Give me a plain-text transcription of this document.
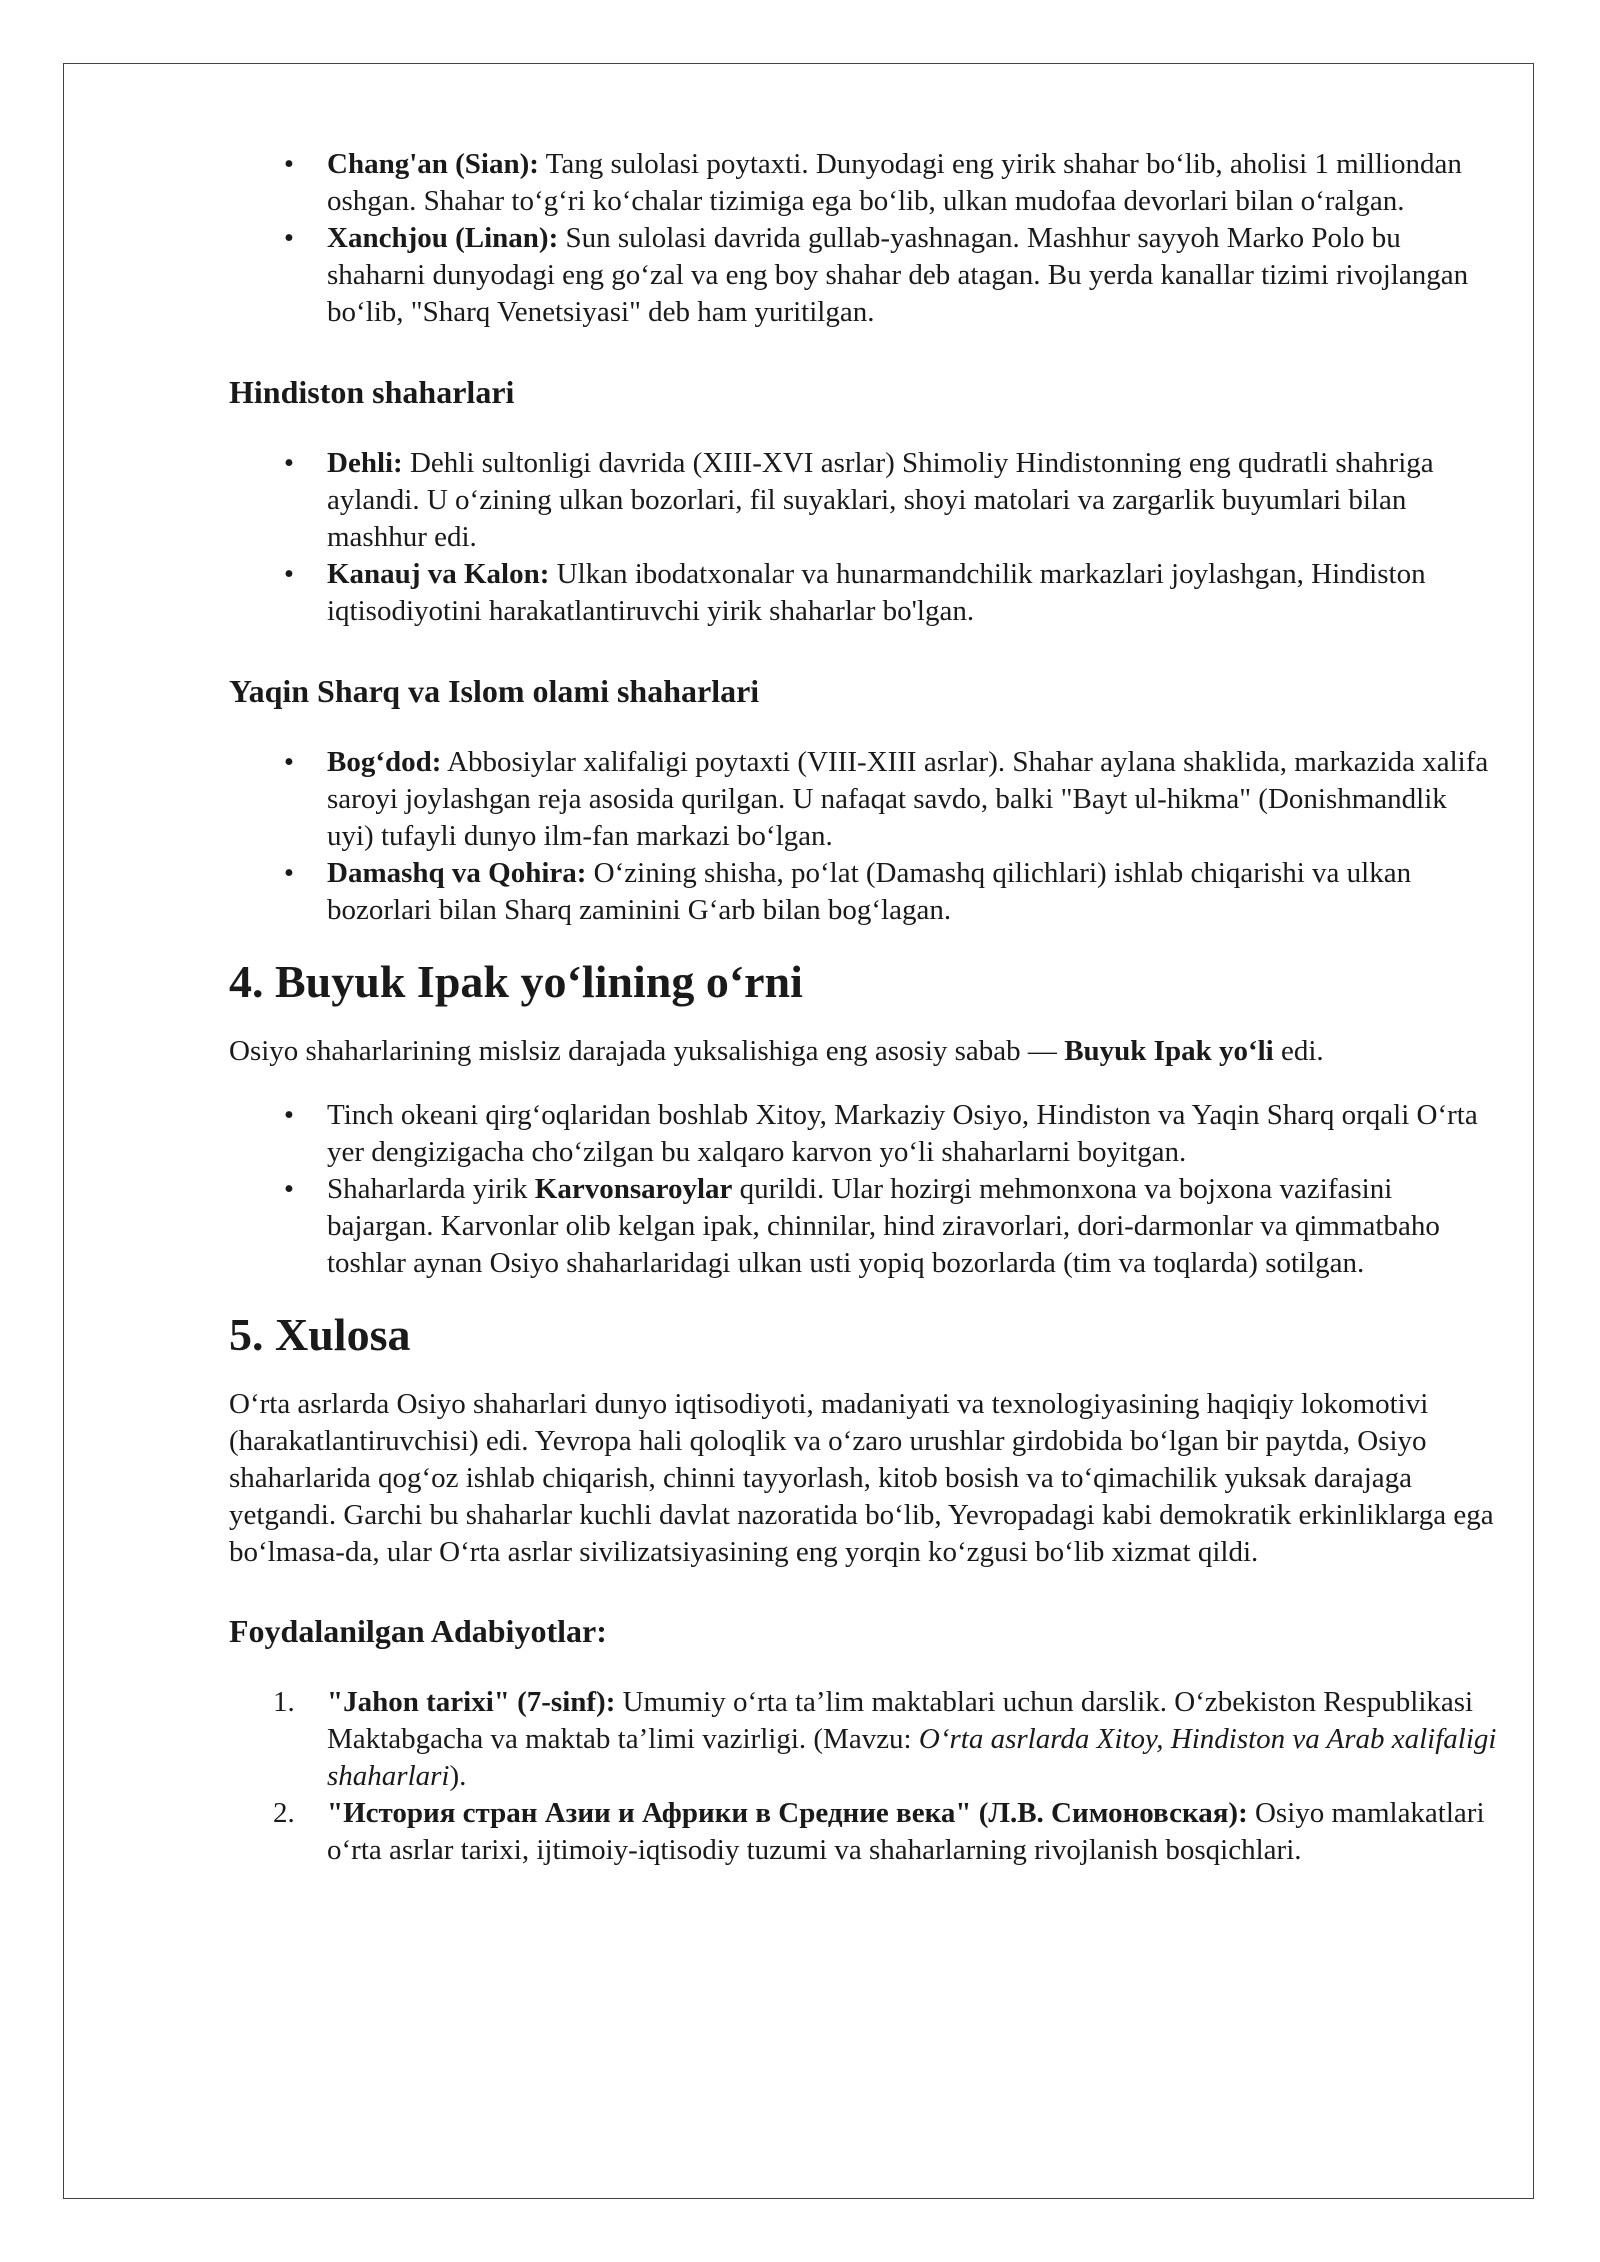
• Chang'an (Sian): Tang sulolasi poytaxti. Dunyodagi eng yirik shahar bo‘lib, aholisi 1 milliondan oshgan. Shahar to‘g‘ri ko‘chalar tizimiga ega bo‘lib, ulkan mudofaa devorlari bilan o‘ralgan.
• Xanchjou (Linan): Sun sulolasi davrida gullab-yashnagan. Mashhur sayyoh Marko Polo bu shaharni dunyodagi eng go‘zal va eng boy shahar deb atagan. Bu yerda kanallar tizimi rivojlangan bo‘lib, "Sharq Venetsiyasi" deb ham yuritilgan.
Hindiston shaharlari
• Dehli: Dehli sultonligi davrida (XIII-XVI asrlar) Shimoliy Hindistonning eng qudratli shahriga aylandi. U o‘zining ulkan bozorlari, fil suyaklari, shoyi matolari va zargarlik buyumlari bilan mashhur edi.
• Kanauj va Kalon: Ulkan ibodatxonalar va hunarmandchilik markazlari joylashgan, Hindiston iqtisodiyotini harakatlantiruvchi yirik shaharlar bo'lgan.
Yaqin Sharq va Islom olami shaharlari
• Bog‘dod: Abbosiylar xalifaligi poytaxti (VIII-XIII asrlar). Shahar aylana shaklida, markazida xalifa saroyi joylashgan reja asosida qurilgan. U nafaqat savdo, balki "Bayt ul-hikma" (Donishmandlik uyi) tufayli dunyo ilm-fan markazi bo‘lgan.
• Damashq va Qohira: O‘zining shisha, po‘lat (Damashq qilichlari) ishlab chiqarishi va ulkan bozorlari bilan Sharq zaminini G‘arb bilan bog‘lagan.
4. Buyuk Ipak yo‘lining o‘rni

Osiyo shaharlarining mislsiz darajada yuksalishiga eng asosiy sabab — Buyuk Ipak yo‘li edi.

• Tinch okeani qirg‘oqlaridan boshlab Xitoy, Markaziy Osiyo, Hindiston va Yaqin Sharq orqali O‘rta yer dengizigacha cho‘zilgan bu xalqaro karvon yo‘li shaharlarni boyitgan.
• Shaharlarda yirik Karvonsaroylar qurildi. Ular hozirgi mehmonxona va bojxona vazifasini bajargan. Karvonlar olib kelgan ipak, chinnilar, hind ziravorlari, dori-darmonlar va qimmatbaho toshlar aynan Osiyo shaharlaridagi ulkan usti yopiq bozorlarda (tim va toqlarda) sotilgan.
5. Xulosa

O‘rta asrlarda Osiyo shaharlari dunyo iqtisodiyoti, madaniyati va texnologiyasining haqiqiy lokomotivi (harakatlantiruvchisi) edi. Yevropa hali qoloqlik va o‘zaro urushlar girdobida bo‘lgan bir paytda, Osiyo shaharlarida qog‘oz ishlab chiqarish, chinni tayyorlash, kitob bosish va to‘qimachilik yuksak darajaga yetgandi. Garchi bu shaharlar kuchli davlat nazoratida bo‘lib, Yevropadagi kabi demokratik erkinliklarga ega bo‘lmasa-da, ular O‘rta asrlar sivilizatsiyasining eng yorqin ko‘zgusi bo‘lib xizmat qildi.

Foydalanilgan Adabiyotlar:
1.	"Jahon tarixi" (7-sinf): Umumiy o‘rta ta’lim maktablari uchun darslik. O‘zbekiston Respublikasi Maktabgacha va maktab ta’limi vazirligi. (Mavzu: O‘rta asrlarda Xitoy, Hindiston va Arab xalifaligi shaharlari).
2.	"История стран Азии и Африки в Средние века" (Л.В. Симоновская): Osiyo mamlakatlari o‘rta asrlar tarixi, ijtimoiy-iqtisodiy tuzumi va shaharlarning rivojlanish bosqichlari.
